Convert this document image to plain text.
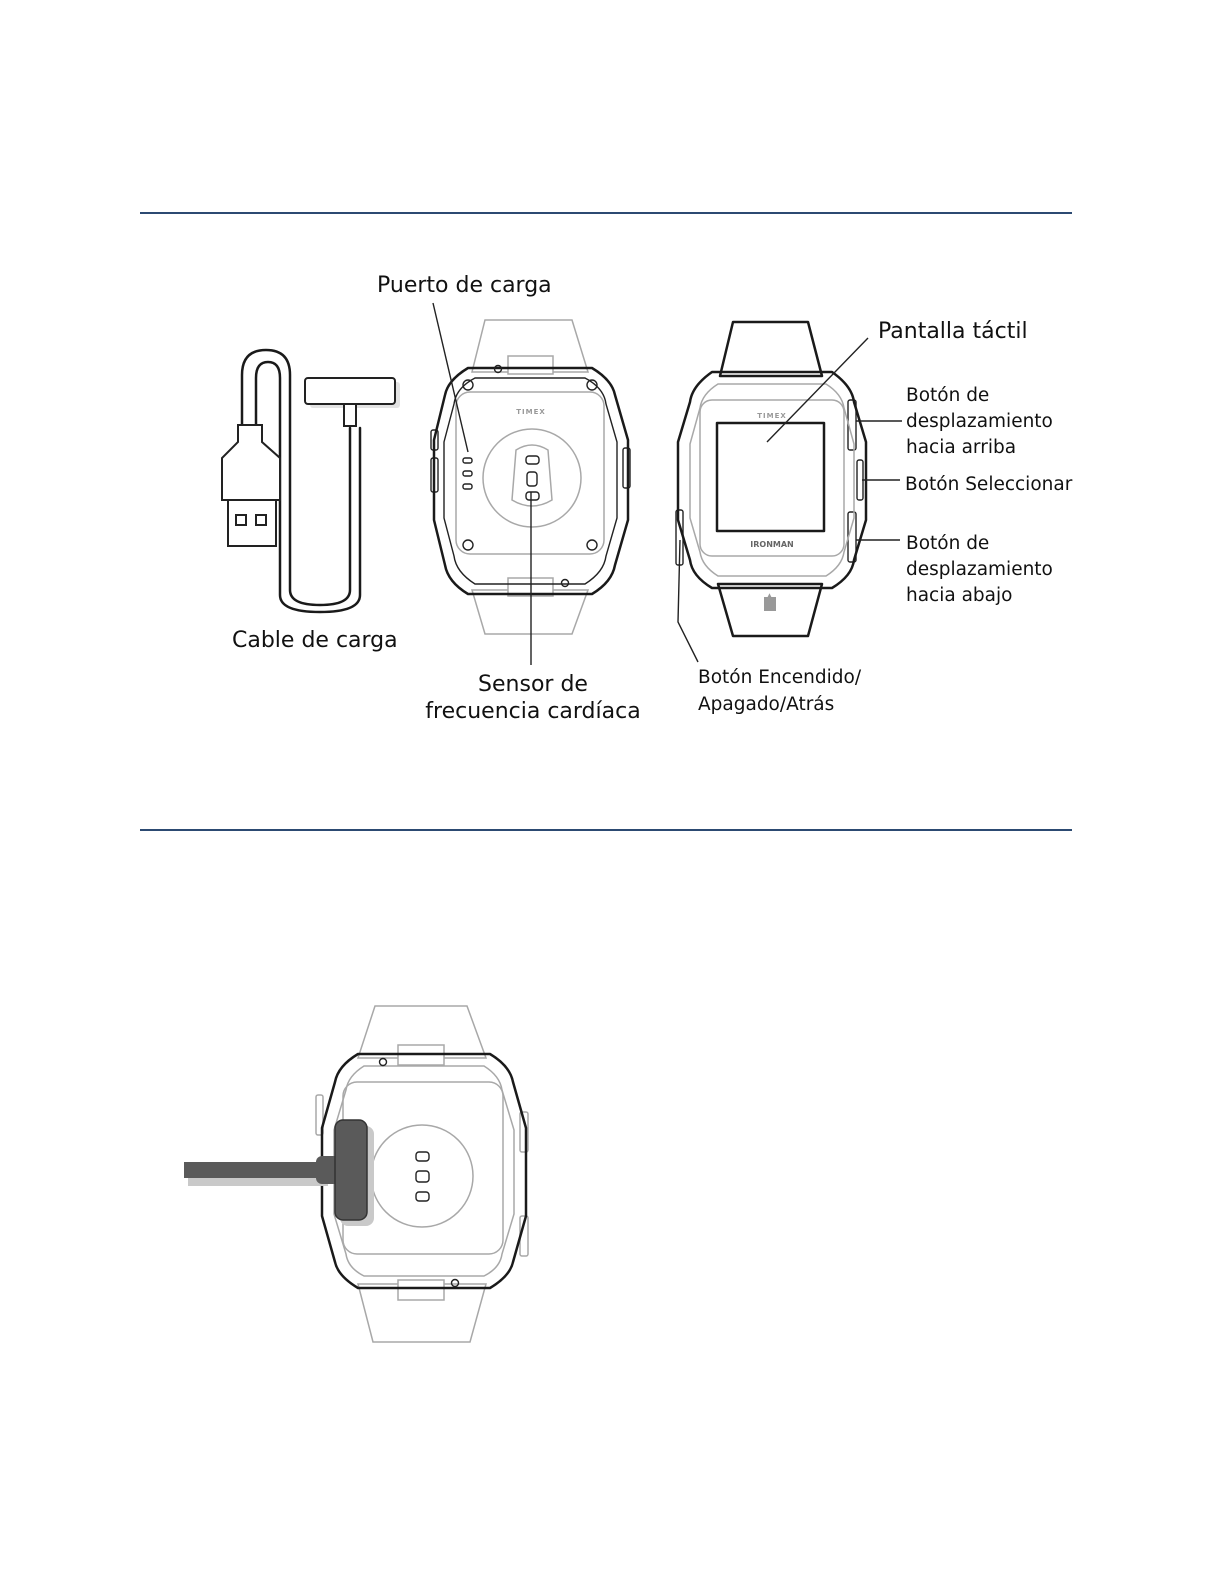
TIMEX	TIMEX
IRONMAN
Puerto de carga
Cable de carga
Sensor de
frecuencia cardíaca
Pantalla táctil
Botón de
desplazamiento
hacia arriba
Botón Seleccionar
Botón de
desplazamiento
hacia abajo
Botón Encendido/
Apagado/Atrás
